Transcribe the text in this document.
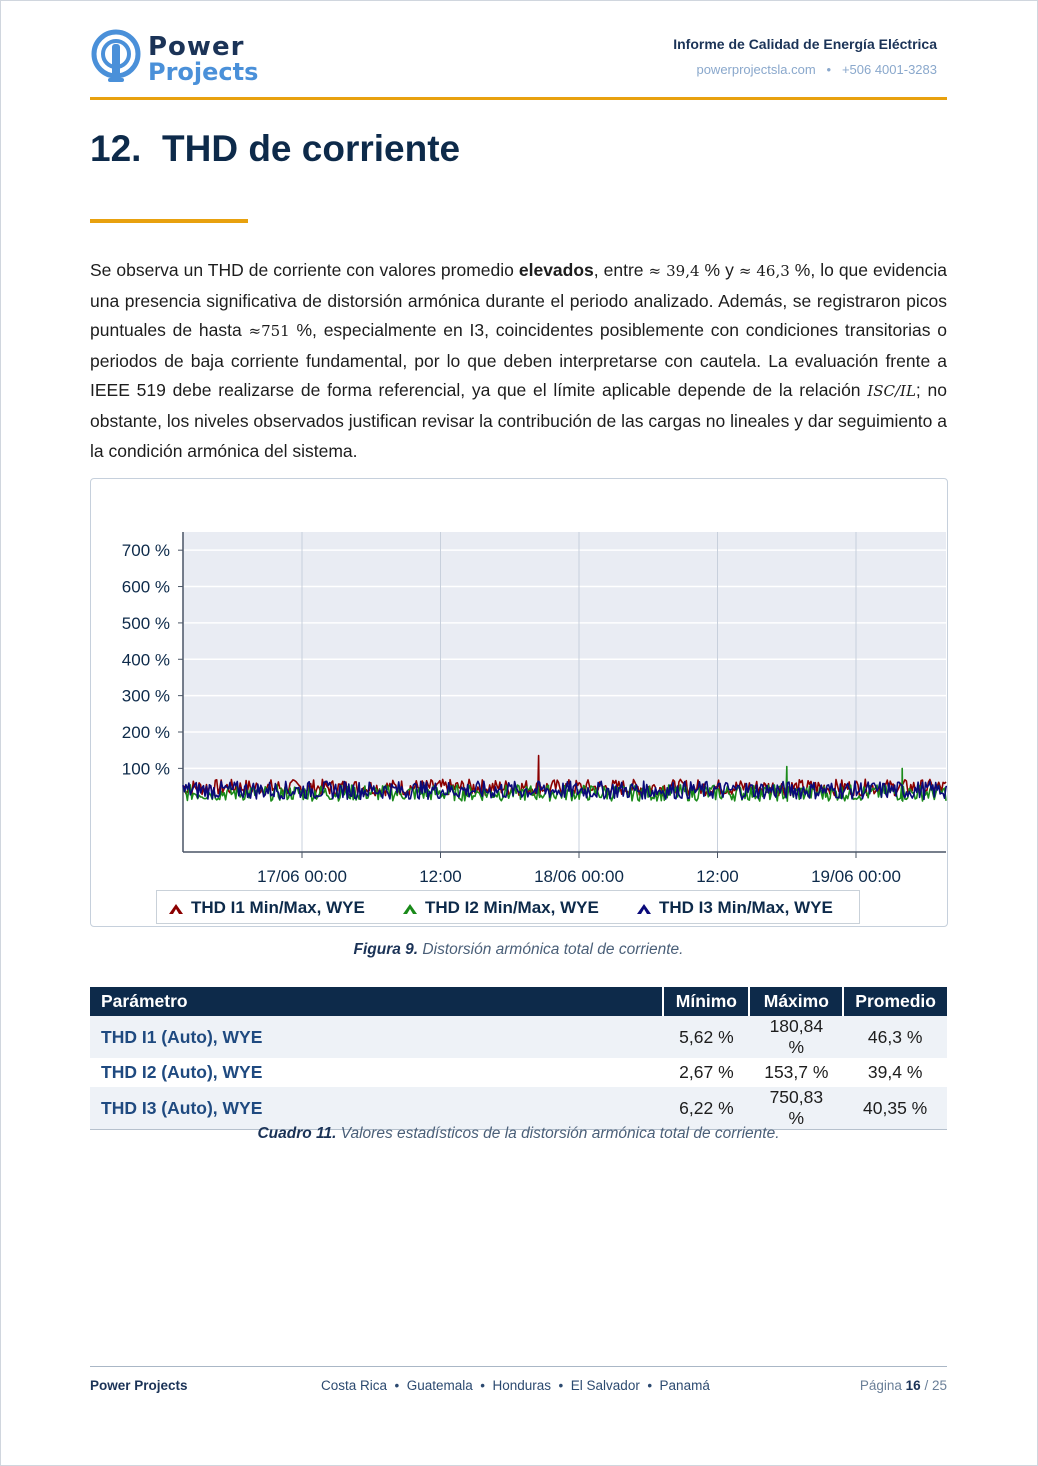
Power
Projects
Informe de Calidad de Energía Eléctrica
powerprojectsla.com   •   +506 4001-3283
12. THD de corriente
Se observa un THD de corriente con valores promedio elevados, entre ≈ 39,4 % y ≈ 46,3 %, lo que evidencia una presencia significativa de distorsión armónica durante el periodo analizado. Además, se registraron picos puntuales de hasta ≈751 %, especialmente en I3, coincidentes posiblemente con condiciones transitorias o periodos de baja corriente fundamental, por lo que deben interpretarse con cautela. La evaluación frente a IEEE 519 debe realizarse de forma referencial, ya que el límite aplicable depende de la relación ISC/IL; no obstante, los niveles observados justifican revisar la contribución de las cargas no lineales y dar seguimiento a la condición armónica del sistema.
700 %
600 %
500 %
400 %
300 %
200 %
100 %
17/06 00:00	12:00	18/06 00:00	12:00	19/06 00:00
THD I1 Min/Max, WYE	THD I2 Min/Max, WYE	THD I3 Min/Max, WYE
Figura 9. Distorsión armónica total de corriente.
Parámetro	Mínimo	Máximo	Promedio
THD I1 (Auto), WYE	5,62 %	180,84 %	46,3 %
THD I2 (Auto), WYE	2,67 %	153,7 %	39,4 %
THD I3 (Auto), WYE	6,22 %	750,83 %	40,35 %
Cuadro 11. Valores estadísticos de la distorsión armónica total de corriente.
Power Projects	Costa Rica  •  Guatemala  •  Honduras  •  El Salvador  •  Panamá	Página 16 / 25
